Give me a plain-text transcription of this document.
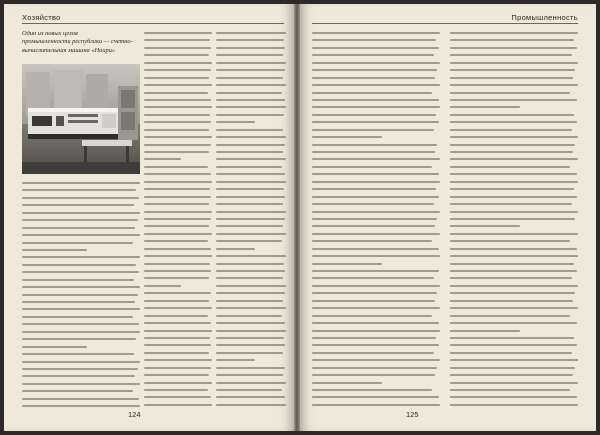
Хозяйство
Один из новых цехов
промышленности республики — счетно-
вычислительная машина «Наири»
124
Промышленность
125
